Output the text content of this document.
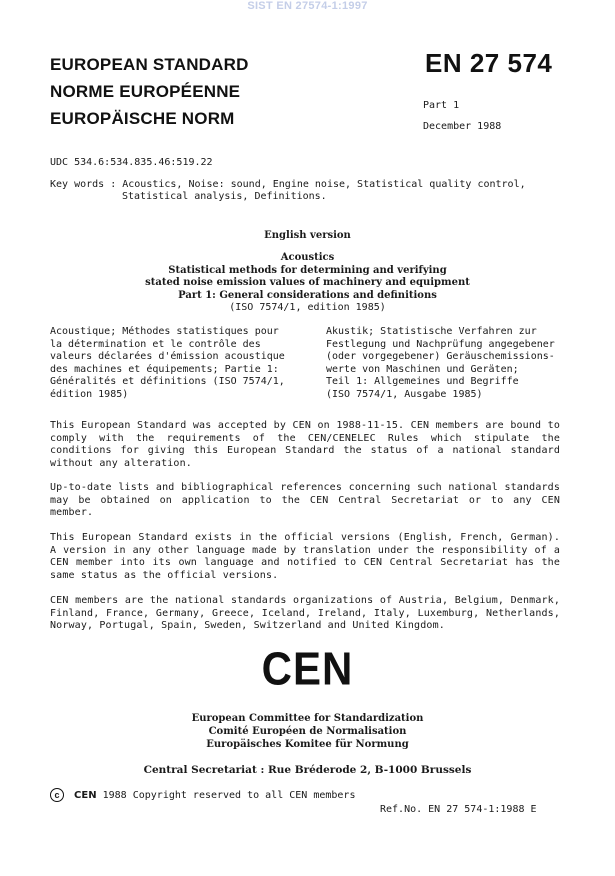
SIST EN 27574-1:1997
EUROPEAN STANDARD
NORME EUROPÉENNE
EUROPÄISCHE NORM
EN 27 574
Part 1
December 1988
UDC 534.6:534.835.46:519.22
Key words : Acoustics, Noise: sound, Engine noise, Statistical quality control,
Statistical analysis, Definitions.
English version
Acoustics
Statistical methods for determining and verifying
stated noise emission values of machinery and equipment
Part 1: General considerations and definitions
(ISO 7574/1, edition 1985)
Acoustique; Méthodes statistiques pour
la détermination et le contrôle des
valeurs déclarées d'émission acoustique
des machines et équipements; Partie 1:
Généralités et définitions (ISO 7574/1,
édition 1985)
Akustik; Statistische Verfahren zur
Festlegung und Nachprüfung angegebener
(oder vorgegebener) Geräuschemissions-
werte von Maschinen und Geräten;
Teil 1: Allgemeines und Begriffe
(ISO 7574/1, Ausgabe 1985)
This European Standard was accepted by CEN on 1988-11-15. CEN members are bound to comply with the requirements of the CEN/CENELEC Rules which stipulate the conditions for giving this European Standard the status of a national standard without any alteration.
Up-to-date lists and bibliographical references concerning such national standards may be obtained on application to the CEN Central Secretariat or to any CEN member.
This European Standard exists in the official versions (English, French, German). A version in any other language made by translation under the responsibility of a CEN member into its own language and notified to CEN Central Secretariat has the same status as the official versions.
CEN members are the national standards organizations of Austria, Belgium, Denmark, Finland, France, Germany, Greece, Iceland, Ireland, Italy, Luxemburg, Netherlands, Norway, Portugal, Spain, Sweden, Switzerland and United Kingdom.
CEN
European Committee for Standardization
Comité Européen de Normalisation
Europäisches Komitee für Normung
Central Secretariat : Rue Bréderode 2, B-1000 Brussels
c CEN 1988 Copyright reserved to all CEN members
Ref.No. EN 27 574-1:1988 E
